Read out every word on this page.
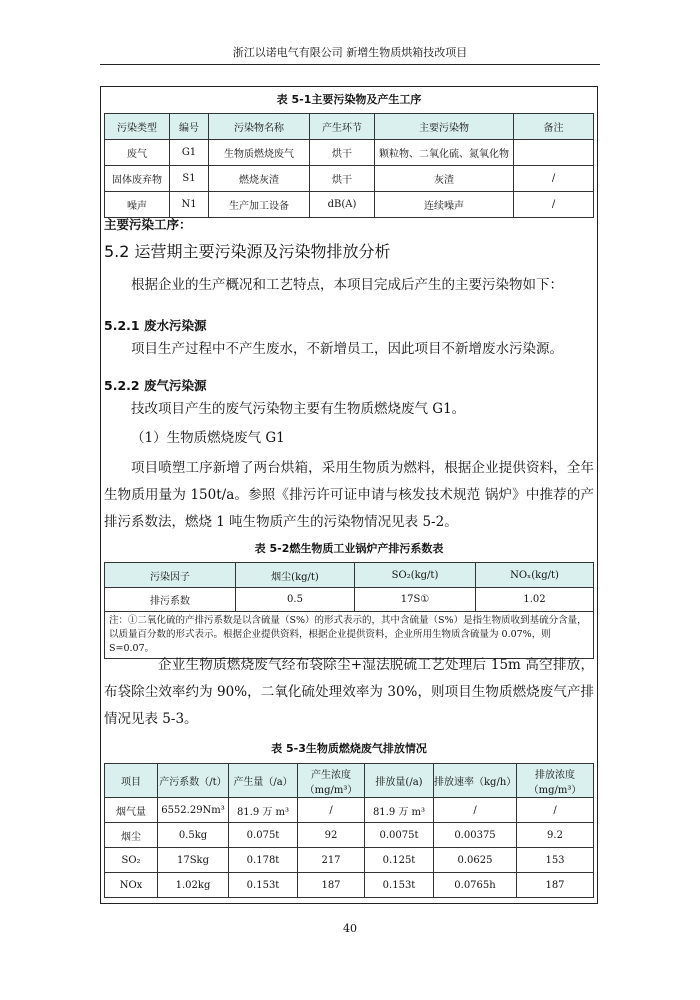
浙江以诺电气有限公司 新增生物质烘箱技改项目
表 5-1主要污染物及产生工序
污染类型	编号	污染物名称	产生环节	主要污染物	备注
废气	G1	生物质燃烧废气	烘干	颗粒物、二氧化硫、氮氧化物	
固体废弃物	S1	燃烧灰渣	烘干	灰渣	/
噪声	N1	生产加工设备	dB(A)	连续噪声	/
主要污染工序：
5.2 运营期主要污染源及污染物排放分析
根据企业的生产概况和工艺特点，本项目完成后产生的主要污染物如下：
5.2.1 废水污染源
项目生产过程中不产生废水，不新增员工，因此项目不新增废水污染源。
5.2.2 废气污染源
技改项目产生的废气污染物主要有生物质燃烧废气 G1。
（1）生物质燃烧废气 G1
项目喷塑工序新增了两台烘箱，采用生物质为燃料，根据企业提供资料，全年生物质用量为 150t/a。参照《排污许可证申请与核发技术规范 锅炉》中推荐的产排污系数法，燃烧 1 吨生物质产生的污染物情况见表 5-2。
表 5-2燃生物质工业锅炉产排污系数表
污染因子	烟尘(kg/t)	SO₂(kg/t)	NOₓ(kg/t)
排污系数	0.5	17S①	1.02
注：①二氧化硫的产排污系数是以含硫量（S%）的形式表示的，其中含硫量（S%）是指生物质收到基硫分含量，以质量百分数的形式表示。根据企业提供资料，根据企业提供资料，企业所用生物质含硫量为 0.07%，则 S=0.07。			
企业生物质燃烧废气经布袋除尘+湿法脱硫工艺处理后 15m 高空排放，布袋除尘效率约为 90%，二氧化硫处理效率为 30%，则项目生物质燃烧废气产排情况见表 5-3。
表 5-3生物质燃烧废气排放情况
项目	产污系数（/t）	产生量（/a）	产生浓度（mg/m³）	排放量(/a)	排放速率（kg/h）	排放浓度（mg/m³）
烟气量	6552.29Nm³	81.9 万 m³	/	81.9 万 m³	/	/
烟尘	0.5kg	0.075t	92	0.0075t	0.00375	9.2
SO₂	17Skg	0.178t	217	0.125t	0.0625	153
NOx	1.02kg	0.153t	187	0.153t	0.0765h	187
40
